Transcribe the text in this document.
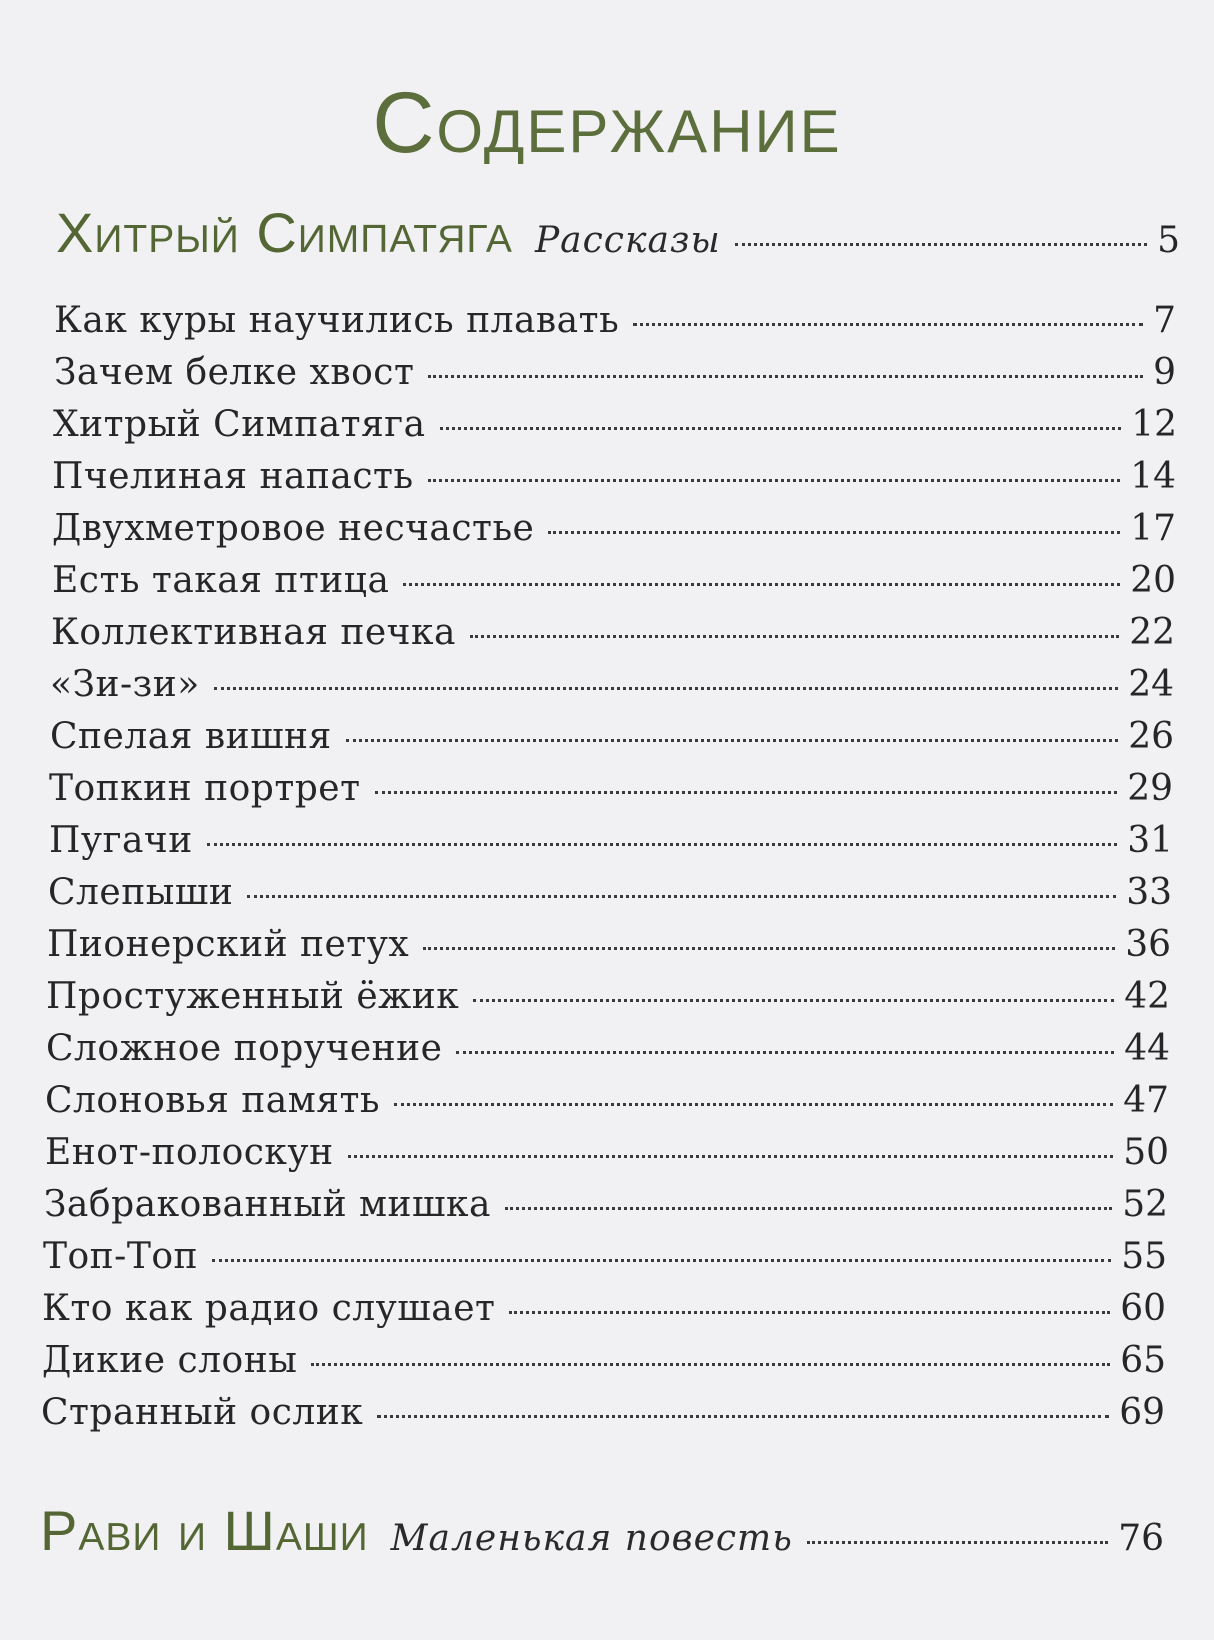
Содержание
Хитрый Симпатяга Рассказы	5
Как куры научились плавать	7
Зачем белке хвост	9
Хитрый Симпатяга	12
Пчелиная напасть	14
Двухметровое несчастье	17
Есть такая птица	20
Коллективная печка	22
«Зи-зи»	24
Спелая вишня	26
Топкин портрет	29
Пугачи	31
Слепыши	33
Пионерский петух	36
Простуженный ёжик	42
Сложное поручение	44
Слоновья память	47
Енот-полоскун	50
Забракованный мишка	52
Топ-Топ	55
Кто как радио слушает	60
Дикие слоны	65
Странный ослик	69
Рави и Шаши Маленькая повесть	76
